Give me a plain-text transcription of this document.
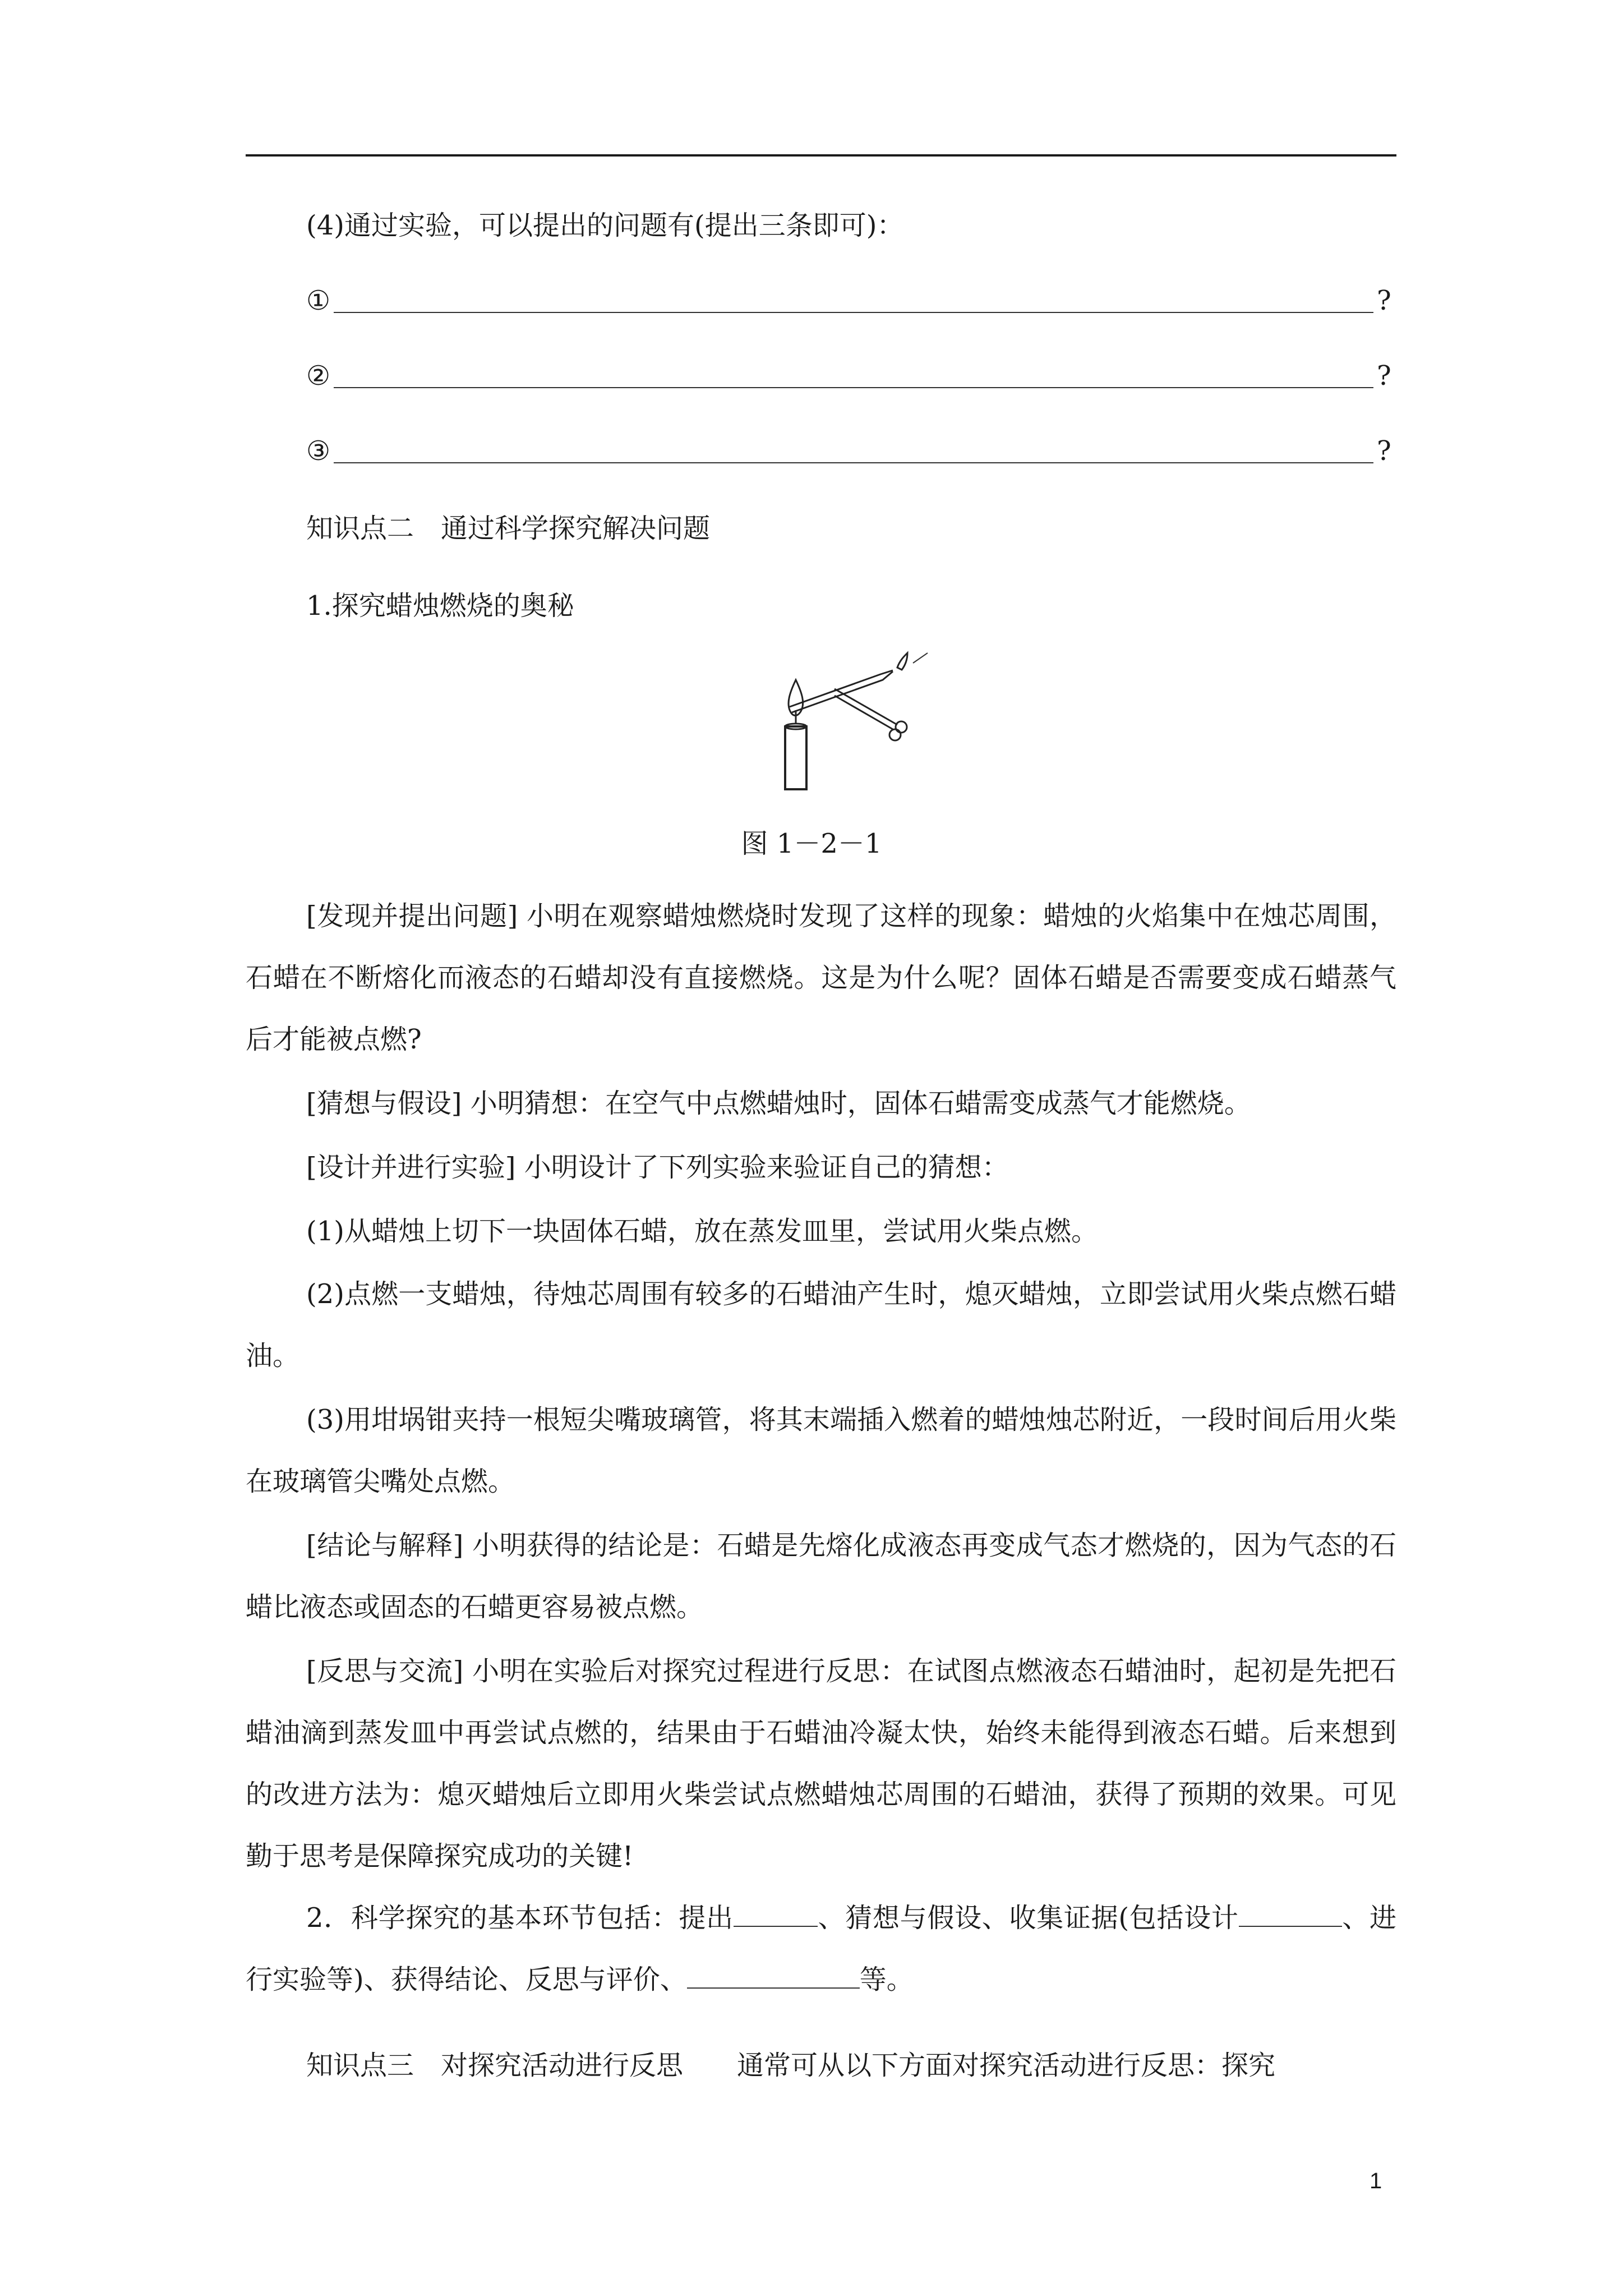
(4)通过实验，可以提出的问题有(提出三条即可)：
①	?
②	?
③	?
知识点二　通过科学探究解决问题
1.探究蜡烛燃烧的奥秘
图 1－2－1
[发现并提出问题] 小明在观察蜡烛燃烧时发现了这样的现象：蜡烛的火焰集中在烛芯周围，石蜡在不断熔化而液态的石蜡却没有直接燃烧。这是为什么呢？固体石蜡是否需要变成石蜡蒸气后才能被点燃?
[猜想与假设] 小明猜想：在空气中点燃蜡烛时，固体石蜡需变成蒸气才能燃烧。
[设计并进行实验] 小明设计了下列实验来验证自己的猜想：
(1)从蜡烛上切下一块固体石蜡，放在蒸发皿里，尝试用火柴点燃。
(2)点燃一支蜡烛，待烛芯周围有较多的石蜡油产生时，熄灭蜡烛，立即尝试用火柴点燃石蜡油。
(3)用坩埚钳夹持一根短尖嘴玻璃管，将其末端插入燃着的蜡烛烛芯附近，一段时间后用火柴在玻璃管尖嘴处点燃。
[结论与解释] 小明获得的结论是：石蜡是先熔化成液态再变成气态才燃烧的，因为气态的石蜡比液态或固态的石蜡更容易被点燃。
[反思与交流] 小明在实验后对探究过程进行反思：在试图点燃液态石蜡油时，起初是先把石蜡油滴到蒸发皿中再尝试点燃的，结果由于石蜡油冷凝太快，始终未能得到液态石蜡。后来想到的改进方法为：熄灭蜡烛后立即用火柴尝试点燃蜡烛芯周围的石蜡油，获得了预期的效果。可见勤于思考是保障探究成功的关键!
2．科学探究的基本环节包括：提出	、猜想与假设、收集证据(包括设计	、进行实验等)、获得结论、反思与评价、	等。
知识点三　对探究活动进行反思 通常可从以下方面对探究活动进行反思：探究
1
